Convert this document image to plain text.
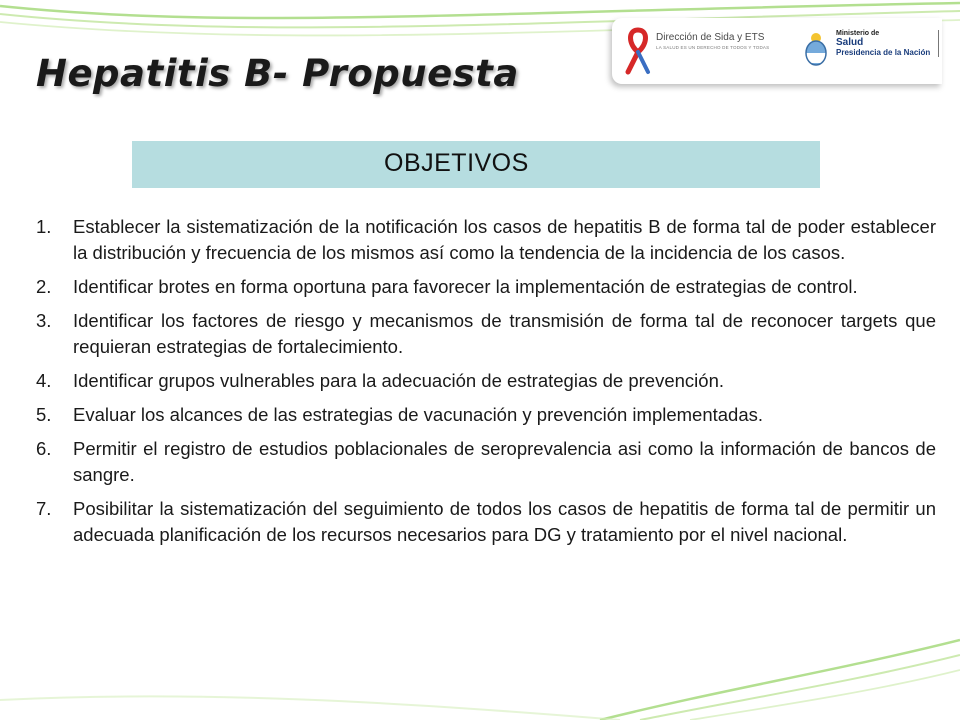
Hepatitis B- Propuesta
Dirección de Sida y ETS
LA SALUD ES UN DERECHO DE TODOS Y TODAS
Ministerio de
Salud
Presidencia de la Nación
OBJETIVOS
1.	Establecer la sistematización de la notificación los casos de hepatitis B de forma tal de poder establecer la distribución y frecuencia de los mismos así como la tendencia de la incidencia de los casos.
2.	Identificar brotes en forma oportuna para favorecer la implementación de estrategias de control.
3.	Identificar los factores de riesgo y mecanismos de transmisión de forma tal de reconocer targets que requieran estrategias de fortalecimiento.
4.	Identificar grupos vulnerables para la adecuación de estrategias de prevención.
5.	Evaluar los alcances de las estrategias de vacunación y prevención implementadas.
6.	Permitir el registro de estudios poblacionales de seroprevalencia asi como la información de bancos de sangre.
7.	Posibilitar la sistematización del seguimiento de todos los casos de hepatitis de forma tal de permitir un adecuada planificación de los recursos necesarios para DG y tratamiento por el nivel nacional.
